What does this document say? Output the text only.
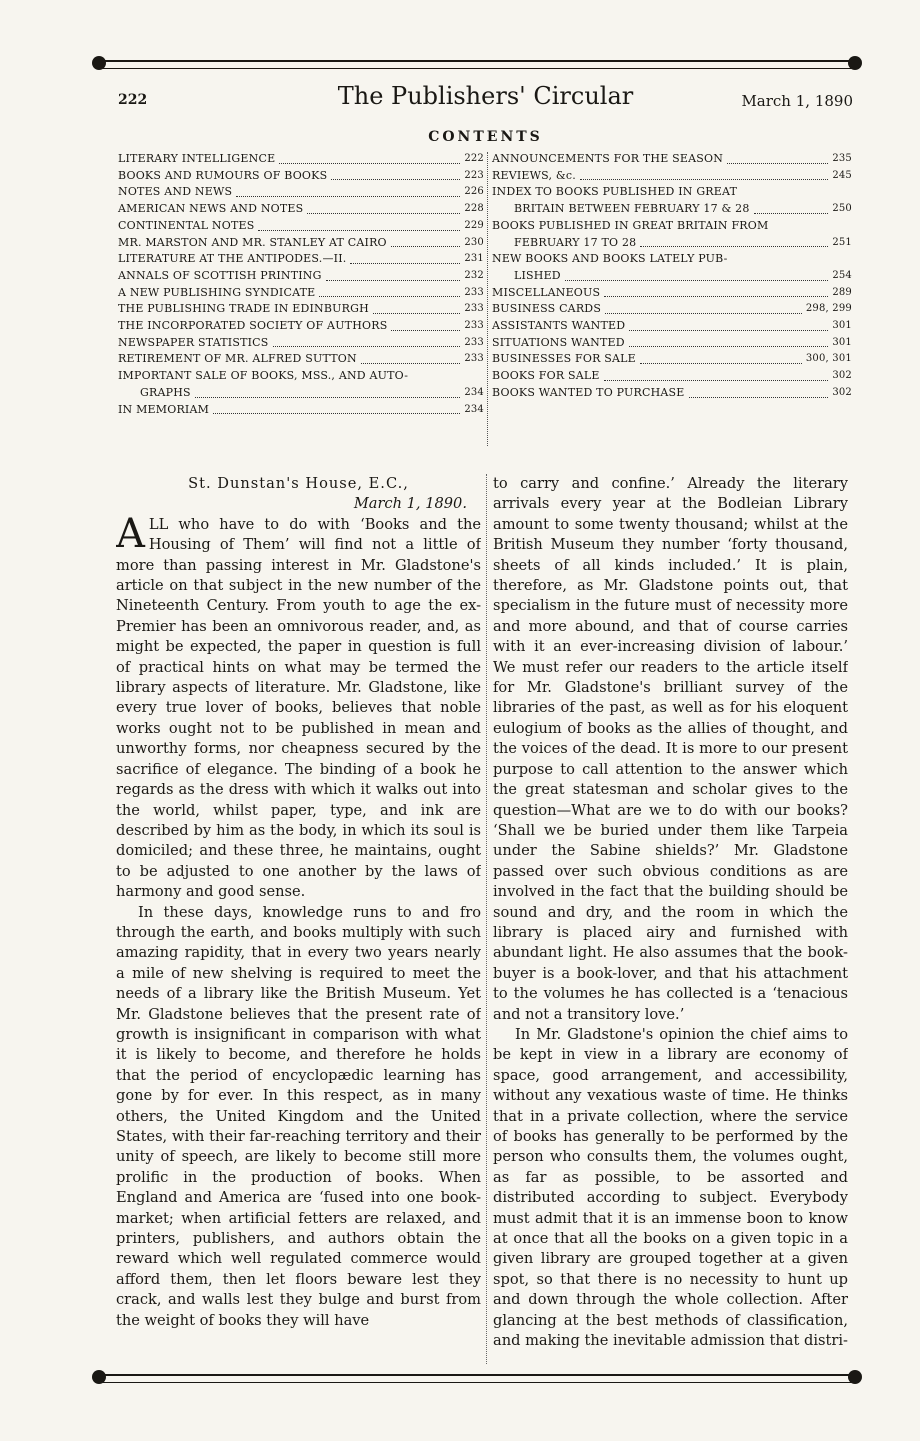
222	The Publishers' Circular	March 1, 1890
CONTENTS
LITERARY INTELLIGENCE	222
BOOKS AND RUMOURS OF BOOKS	223
NOTES AND NEWS	226
AMERICAN NEWS AND NOTES	228
CONTINENTAL NOTES	229
MR. MARSTON AND MR. STANLEY AT CAIRO	230
LITERATURE AT THE ANTIPODES.—II.	231
ANNALS OF SCOTTISH PRINTING	232
A NEW PUBLISHING SYNDICATE	233
THE PUBLISHING TRADE IN EDINBURGH	233
THE INCORPORATED SOCIETY OF AUTHORS	233
NEWSPAPER STATISTICS	233
RETIREMENT OF MR. ALFRED SUTTON	233
IMPORTANT SALE OF BOOKS, MSS., AND AUTO-
GRAPHS	234
IN MEMORIAM	234
ANNOUNCEMENTS FOR THE SEASON	235
REVIEWS, &c.	245
INDEX TO BOOKS PUBLISHED IN GREAT
BRITAIN BETWEEN FEBRUARY 17 & 28	250
BOOKS PUBLISHED IN GREAT BRITAIN FROM
FEBRUARY 17 TO 28	251
NEW BOOKS AND BOOKS LATELY PUB-
LISHED	254
MISCELLANEOUS	289
BUSINESS CARDS	298, 299
ASSISTANTS WANTED	301
SITUATIONS WANTED	301
BUSINESSES FOR SALE	300, 301
BOOKS FOR SALE	302
BOOKS WANTED TO PURCHASE	302

St. Dunstan's House, E.C.,

March 1, 1890.

ALL who have to do with ‘Books and the Housing of Them’ will find not a little of more than passing interest in Mr. Gladstone's article on that subject in the new number of the Nineteenth Century. From youth to age the ex-Premier has been an omnivorous reader, and, as might be expected, the paper in question is full of practical hints on what may be termed the library aspects of literature. Mr. Gladstone, like every true lover of books, believes that noble works ought not to be published in mean and unworthy forms, nor cheapness secured by the sacrifice of elegance. The binding of a book he regards as the dress with which it walks out into the world, whilst paper, type, and ink are described by him as the body, in which its soul is domiciled; and these three, he maintains, ought to be adjusted to one another by the laws of harmony and good sense.

In these days, knowledge runs to and fro through the earth, and books multiply with such amazing rapidity, that in every two years nearly a mile of new shelving is required to meet the needs of a library like the British Museum. Yet Mr. Gladstone believes that the present rate of growth is insignificant in comparison with what it is likely to become, and therefore he holds that the period of encyclopædic learning has gone by for ever. In this respect, as in many others, the United Kingdom and the United States, with their far-reaching territory and their unity of speech, are likely to become still more prolific in the production of books. When England and America are ‘fused into one book-market; when artificial fetters are relaxed, and printers, publishers, and authors obtain the reward which well regulated commerce would afford them, then let floors beware lest they crack, and walls lest they bulge and burst from the weight of books they will have

to carry and confine.’ Already the literary arrivals every year at the Bodleian Library amount to some twenty thousand; whilst at the British Museum they number ‘forty thousand, sheets of all kinds included.’ It is plain, therefore, as Mr. Gladstone points out, that specialism in the future must of necessity more and more abound, and that of course carries with it an ever-increasing division of labour.’ We must refer our readers to the article itself for Mr. Gladstone's brilliant survey of the libraries of the past, as well as for his eloquent eulogium of books as the allies of thought, and the voices of the dead. It is more to our present purpose to call attention to the answer which the great statesman and scholar gives to the question—What are we to do with our books? ‘Shall we be buried under them like Tarpeia under the Sabine shields?’ Mr. Gladstone passed over such obvious conditions as are involved in the fact that the building should be sound and dry, and the room in which the library is placed airy and furnished with abundant light. He also assumes that the book-buyer is a book-lover, and that his attachment to the volumes he has collected is a ‘tenacious and not a transitory love.’

In Mr. Gladstone's opinion the chief aims to be kept in view in a library are economy of space, good arrangement, and accessibility, without any vexatious waste of time. He thinks that in a private collection, where the service of books has generally to be performed by the person who consults them, the volumes ought, as far as possible, to be assorted and distributed according to subject. Everybody must admit that it is an immense boon to know at once that all the books on a given topic in a given library are grouped together at a given spot, so that there is no necessity to hunt up and down through the whole collection. After glancing at the best methods of classification, and making the inevitable admission that distri-
